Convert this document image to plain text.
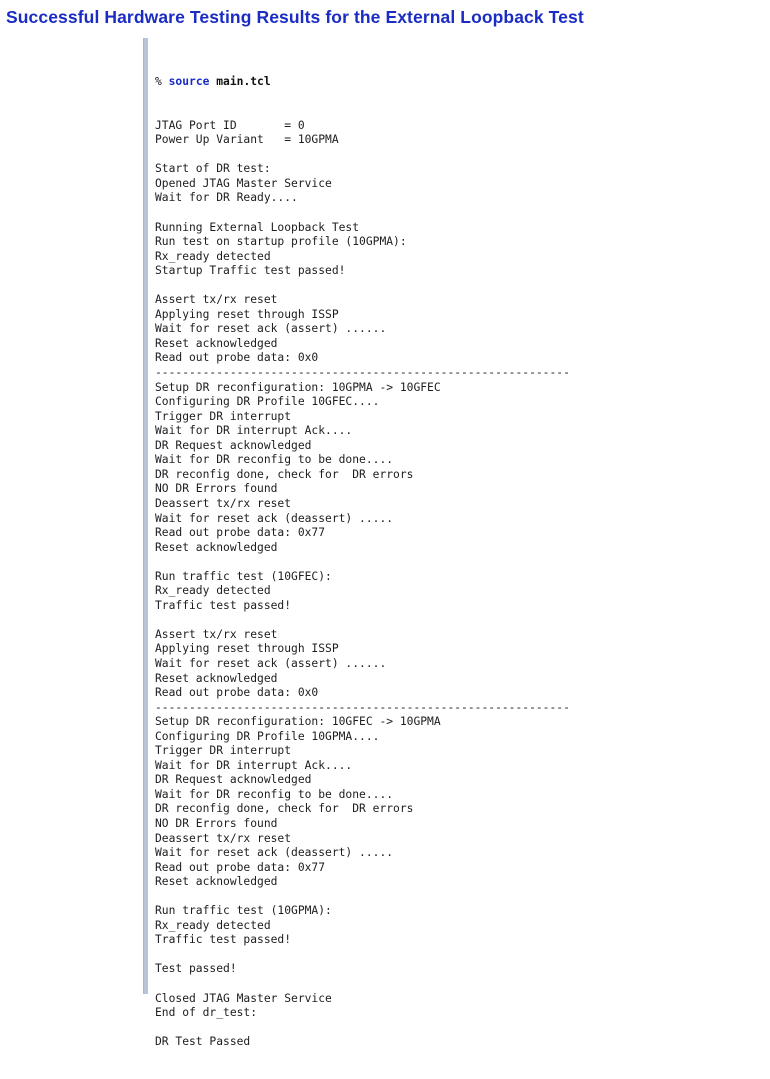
Successful Hardware Testing Results for the External Loopback Test

% source main.tcl

JTAG Port ID       = 0
Power Up Variant   = 10GPMA

Start of DR test:
Opened JTAG Master Service
Wait for DR Ready....

Running External Loopback Test
Run test on startup profile (10GPMA):
Rx_ready detected
Startup Traffic test passed!

Assert tx/rx reset
Applying reset through ISSP
Wait for reset ack (assert) ......
Reset acknowledged
Read out probe data: 0x0
-------------------------------------------------------------
Setup DR reconfiguration: 10GPMA -> 10GFEC
Configuring DR Profile 10GFEC....
Trigger DR interrupt
Wait for DR interrupt Ack....
DR Request acknowledged
Wait for DR reconfig to be done....
DR reconfig done, check for  DR errors
NO DR Errors found
Deassert tx/rx reset
Wait for reset ack (deassert) .....
Read out probe data: 0x77
Reset acknowledged

Run traffic test (10GFEC):
Rx_ready detected
Traffic test passed!

Assert tx/rx reset
Applying reset through ISSP
Wait for reset ack (assert) ......
Reset acknowledged
Read out probe data: 0x0
-------------------------------------------------------------
Setup DR reconfiguration: 10GFEC -> 10GPMA
Configuring DR Profile 10GPMA....
Trigger DR interrupt
Wait for DR interrupt Ack....
DR Request acknowledged
Wait for DR reconfig to be done....
DR reconfig done, check for  DR errors
NO DR Errors found
Deassert tx/rx reset
Wait for reset ack (deassert) .....
Read out probe data: 0x77
Reset acknowledged

Run traffic test (10GPMA):
Rx_ready detected
Traffic test passed!

Test passed!

Closed JTAG Master Service
End of dr_test:

DR Test Passed
